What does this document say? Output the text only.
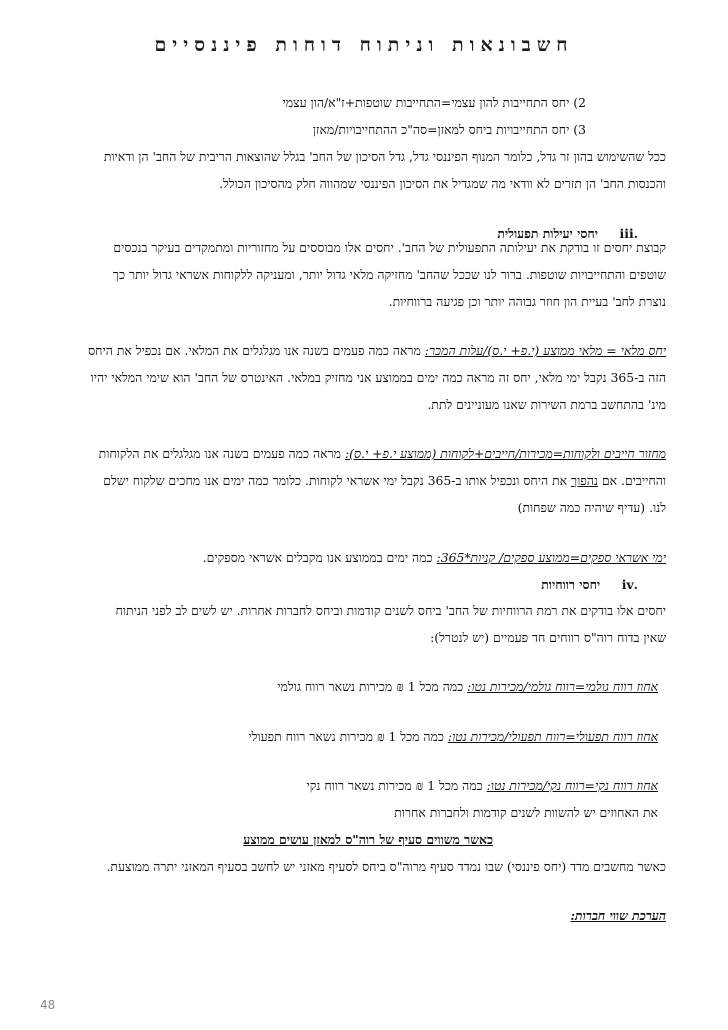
חשבונאות וניתוח דוחות פיננסיים
2) יחס התחייבות להון עצמי=התחייבות שוטפות+ז"א/הון עצמי
3) יחס התחייבויות ביחס למאזן=סה"כ ההתחייבויות/מאזן
ככל שהשימוש בהון זר גדל, כלומר המנוף הפיננסי גדל, גדל הסיכון של החב' בגלל שהוצאות הריבית של החב' הן ודאיות
והכנסות החב' הן תזרים לא וודאי מה שמגדיל את הסיכון הפיננסי שמהווה חלק מהסיכון הכולל.
.iii     יחסי יעילות תפעולית
קבוצת יחסים זו בודקת את יעילותה התפעולית של החב'. יחסים אלו מבוססים על מחזוריות ומתמקדים בעיקר בנכסים
שוטפים והתחייבויות שוטפות. ברור לנו שככל שהחב' מחזיקה מלאי גדול יותר, ומעניקה ללקוחות אשראי גדול יותר כך
נוצרת לחב' בעיית הון חוזר גבוהה יותר וכן פגיעה ברווחיות.
יחס מלאי = מלאי ממוצע (י.פ+ י.ס)/עלות המכר: מראה כמה פעמים בשנה אנו מגלגלים את המלאי. אם נכפיל את היחס
הזה ב-365 נקבל ימי מלאי, יחס זה מראה כמה ימים בממוצע אני מחזיק במלאי. האינטרס של החב' הוא שימי המלאי יהיו
מינ' בהתחשב ברמת השירות שאנו מעוניינים לתת.
מחזור חייבים ולקוחות=מכירות/חייבים+לקוחות (ממוצע י.פ+ י.ס): מראה כמה פעמים בשנה אנו מגלגלים את הלקוחות
והחייבים. אם נהפוך את היחס ונכפיל אותו ב-365 נקבל ימי אשראי לקוחות. כלומר כמה ימים אנו מחכים שלקוח ישלם
לנו. (עדיף שיהיה כמה שפחות)
ימי אשראי ספקים=ממוצע ספקים/ קניות*365: כמה ימים בממוצע אנו מקבלים אשראי מספקים.
.iv     יחסי רווחיות
יחסים אלו בודקים את רמת הרווחיות של החב' ביחס לשנים קודמות וביחס לחברות אחרות. יש לשים לב לפני הניתוח
שאין בדוח רוה"ס רווחים חד פעמיים (יש לנטרל):
אחוז רווח גולמי=רווח גולמי/מכירות נטו: כמה מכל 1 ₪ מכירות נשאר רווח גולמי
אחוז רווח תפעולי=רווח תפעולי/מכירות נטו: כמה מכל 1 ₪ מכירות נשאר רווח תפעולי
אחוז רווח נקי=רווח נקי/מכירות נטו: כמה מכל 1 ₪ מכירות נשאר רווח נקי
את האחוזים יש להשוות לשנים קודמות ולחברות אחרות
כאשר משווים סעיף של רוה"ס למאזן עושים ממוצע
כאשר מחשבים מדד (יחס פיננסי) שבו נמדד סעיף מרוה"ס ביחס לסעיף מאזני יש לחשב בסעיף המאזני יתרה ממוצעת.
הערכת שווי חברות:
48
